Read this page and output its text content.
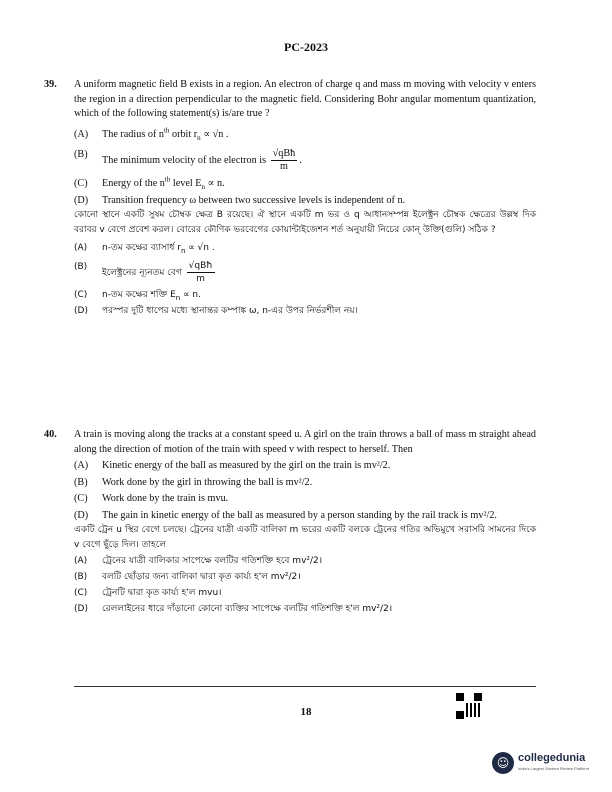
PC-2023
39. A uniform magnetic field B exists in a region. An electron of charge q and mass m moving with velocity v enters the region in a direction perpendicular to the magnetic field. Considering Bohr angular momentum quantization, which of the following statement(s) is/are true ?
(A) The radius of $n^{th}$ orbit $r_n \propto √n$ .
(B)
The minimum velocity of the electron is $\frac{\text{√qBħ}}{m}$ .
(C) Energy of the $n^{th}$ level $E_n \propto n$.
(D) Transition frequency ω between two successive levels is independent of n.
কোনো স্থানে একটি সুষম চৌম্বক ক্ষেত্র B রয়েছে। ঐ স্থানে একটি m ভর ও q আধানসম্পন্ন ইলেক্ট্রন চৌম্বক ক্ষেত্রের উল্লম্ব দিক বরাবর v বেগে প্রবেশ করল। বোরের কৌণিক ভরবেগের কোয়ান্টাইজেশন শর্ত অনুযায়ী নিচের কোন্ উক্তি(গুলি) সঠিক ?
(A) n-তম কক্ষের ব্যাসার্ধ $r_n \propto √n$ .
(B)
ইলেক্ট্রনের ন্যূনতম বেগ $\frac{\text{√qBħ}}{m}$
(C) n-তম কক্ষের শক্তি $E_n \propto n$.
(D) পরস্পর দুটি ধাপের মধ্যে স্থানান্তর কম্পাঙ্ক ω, n-এর উপর নির্ভরশীল নয়।
40. A train is moving along the tracks at a constant speed u. A girl on the train throws a ball of mass m straight ahead along the direction of motion of the train with speed v with respect to herself. Then
(A) Kinetic energy of the ball as measured by the girl on the train is mv²/2.
(B) Work done by the girl in throwing the ball is mv²/2.
(C) Work done by the train is mvu.
(D) The gain in kinetic energy of the ball as measured by a person standing by the rail track is mv²/2.
একটি ট্রেন u স্থির বেগে চলছে। ট্রেনের যাত্রী একটি বালিকা m ভরের একটি বলকে ট্রেনের গতির অভিমুখে সরাসরি সামনের দিকে v বেগে ছুঁড়ে দিল। তাহলে
(A) ট্রেনের যাত্রী বালিকার সাপেক্ষে বলটির গতিশক্তি হবে mv²/2।
(B) বলটি ছোঁড়ার জন্য বালিকা দ্বারা কৃত কার্য্য হ'ল mv²/2।
(C) ট্রেনটি দ্বারা কৃত কার্য্য হ'ল mvu।
(D) রেললাইনের ধারে দাঁড়ানো কোনো ব্যক্তির সাপেক্ষে বলটির গতিশক্তি হ'ল mv²/2।
18
☺ collegedunia
India's Largest Student Review Platform
